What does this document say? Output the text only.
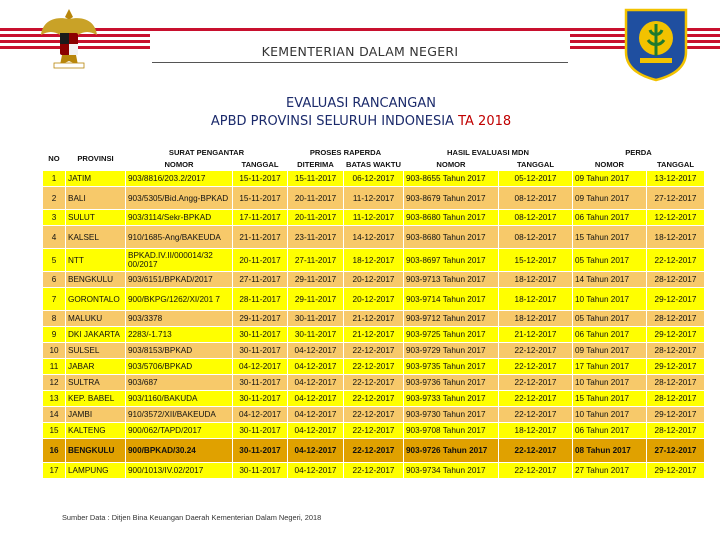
KEMENTERIAN DALAM NEGERI
EVALUASI RANCANGAN
APBD PROVINSI SELURUH INDONESIA TA 2018
NO	PROVINSI	SURAT PENGANTAR		PROSES RAPERDA		HASIL EVALUASI MDN		PERDA	
		NOMOR	TANGGAL	DITERIMA	BATAS WAKTU	NOMOR	TANGGAL	NOMOR	TANGGAL
1	JATIM	903/8816/203.2/2017	15-11-2017	15-11-2017	06-12-2017	903-8655 Tahun 2017	05-12-2017	09 Tahun 2017	13-12-2017
2	BALI	903/5305/Bid.Angg-BPKAD	15-11-2017	20-11-2017	11-12-2017	903-8679 Tahun 2017	08-12-2017	09 Tahun 2017	27-12-2017
3	SULUT	903/3114/Sekr-BPKAD	17-11-2017	20-11-2017	11-12-2017	903-8680 Tahun 2017	08-12-2017	06 Tahun 2017	12-12-2017
4	KALSEL	910/1685-Ang/BAKEUDA	21-11-2017	23-11-2017	14-12-2017	903-8680 Tahun 2017	08-12-2017	15 Tahun 2017	18-12-2017
5	NTT	BPKAD.IV.II/000014/32 00/2017	20-11-2017	27-11-2017	18-12-2017	903-8697 Tahun 2017	15-12-2017	05 Tahun 2017	22-12-2017
6	BENGKULU	903/6151/BPKAD/2017	27-11-2017	29-11-2017	20-12-2017	903-9713 Tahun 2017	18-12-2017	14 Tahun 2017	28-12-2017
7	GORONTALO	900/BKPG/1262/XI/201 7	28-11-2017	29-11-2017	20-12-2017	903-9714 Tahun 2017	18-12-2017	10 Tahun 2017	29-12-2017
8	MALUKU	903/3378	29-11-2017	30-11-2017	21-12-2017	903-9712 Tahun 2017	18-12-2017	05 Tahun 2017	28-12-2017
9	DKI JAKARTA	2283/-1.713	30-11-2017	30-11-2017	21-12-2017	903-9725 Tahun 2017	21-12-2017	06 Tahun 2017	29-12-2017
10	SULSEL	903/8153/BPKAD	30-11-2017	04-12-2017	22-12-2017	903-9729 Tahun 2017	22-12-2017	09 Tahun 2017	28-12-2017
11	JABAR	903/5706/BPKAD	04-12-2017	04-12-2017	22-12-2017	903-9735 Tahun 2017	22-12-2017	17 Tahun 2017	29-12-2017
12	SULTRA	903/687	30-11-2017	04-12-2017	22-12-2017	903-9736 Tahun 2017	22-12-2017	10 Tahun 2017	28-12-2017
13	KEP. BABEL	903/1160/BAKUDA	30-11-2017	04-12-2017	22-12-2017	903-9733 Tahun 2017	22-12-2017	15 Tahun 2017	28-12-2017
14	JAMBI	910/3572/XII/BAKEUDA	04-12-2017	04-12-2017	22-12-2017	903-9730 Tahun 2017	22-12-2017	10 Tahun 2017	29-12-2017
15	KALTENG	900/062/TAPD/2017	30-11-2017	04-12-2017	22-12-2017	903-9708 Tahun 2017	18-12-2017	06 Tahun 2017	28-12-2017
16	BENGKULU	900/BPKAD/30.24	30-11-2017	04-12-2017	22-12-2017	903-9726 Tahun 2017	22-12-2017	08 Tahun 2017	27-12-2017
17	LAMPUNG	900/1013/IV.02/2017	30-11-2017	04-12-2017	22-12-2017	903-9734 Tahun 2017	22-12-2017	27 Tahun 2017	29-12-2017
Sumber Data : Ditjen Bina Keuangan Daerah Kementerian Dalam Negeri, 2018
